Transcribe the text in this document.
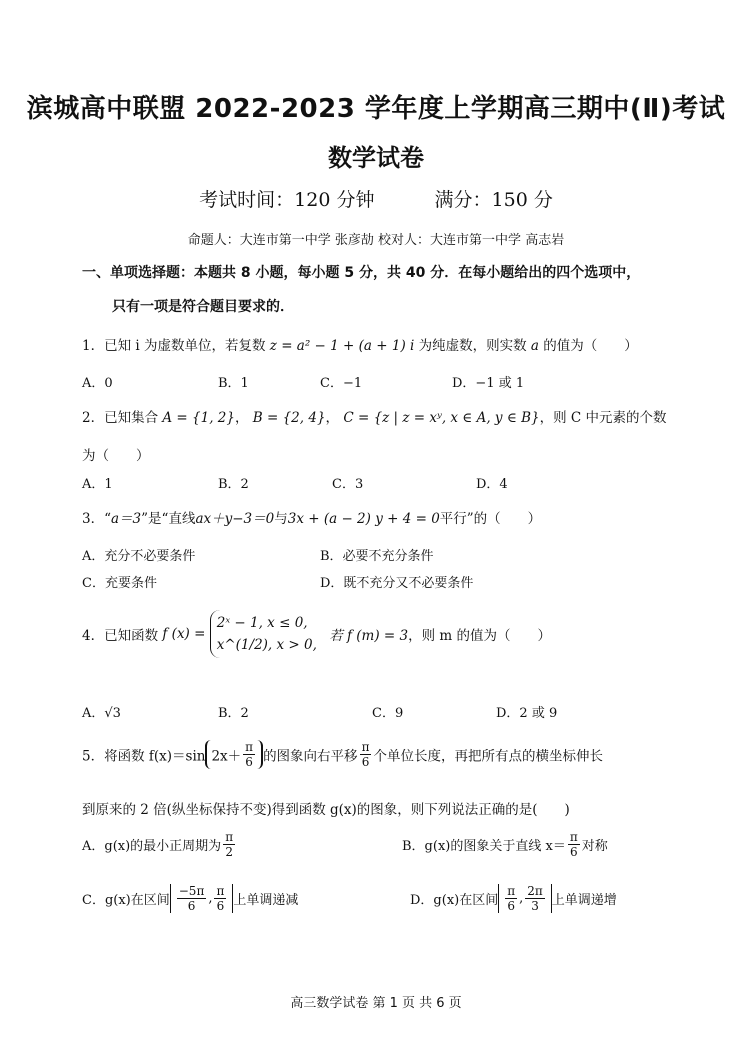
滨城高中联盟 2022-2023 学年度上学期高三期中(Ⅱ)考试
数学试卷
考试时间：120 分钟	满分：150 分
命题人：大连市第一中学 张彦劼 校对人：大连市第一中学 高志岩
一、单项选择题：本题共 8 小题，每小题 5 分，共 40 分．在每小题给出的四个选项中，
只有一项是符合题目要求的．
1．已知 i 为虚数单位，若复数 z = a² − 1 + (a + 1) i 为纯虚数，则实数 a 的值为（　　）
A．0	B．1	C．−1	D．−1 或 1
2．已知集合 A = {1, 2}， B = {2, 4}， C = {z | z = xʸ, x ∈ A, y ∈ B}，则 C 中元素的个数
为（　　）
A．1	B．2	C．3	D．4
3．“a＝3”是“直线ax＋y−3＝0与3x + (a − 2) y + 4 = 0平行”的（　　）
A．充分不必要条件	B．必要不充分条件
C．充要条件	D．既不充分又不必要条件
4．已知函数 f (x) =
2ˣ − 1, x ≤ 0,
x^(1/2), x > 0,
若 f (m) = 3，则 m 的值为（　　）
A．√3	B．2	C．9	D．2 或 9
5．将函数 f(x)＝sin $2x+ \frac{\pi}{6}$ 的图象向右平移 $\frac{\pi}{6}$ 个单位长度，再把所有点的横坐标伸长
到原来的 2 倍(纵坐标保持不变)得到函数 g(x)的图象，则下列说法正确的是(　　)
A．g(x)的最小正周期为 $\frac{\pi}{2}$	B．g(x)的图象关于直线 $x= \frac{\pi}{6}$ 对称
C．g(x)在区间 $\frac{-5\pi}{6}$ , $\frac{\pi}{6}$ 上单调递减	D．g(x)在区间 $\frac{\pi}{6}$ , $\frac{2\pi}{3}$ 上单调递增
高三数学试卷 第 1 页 共 6 页
